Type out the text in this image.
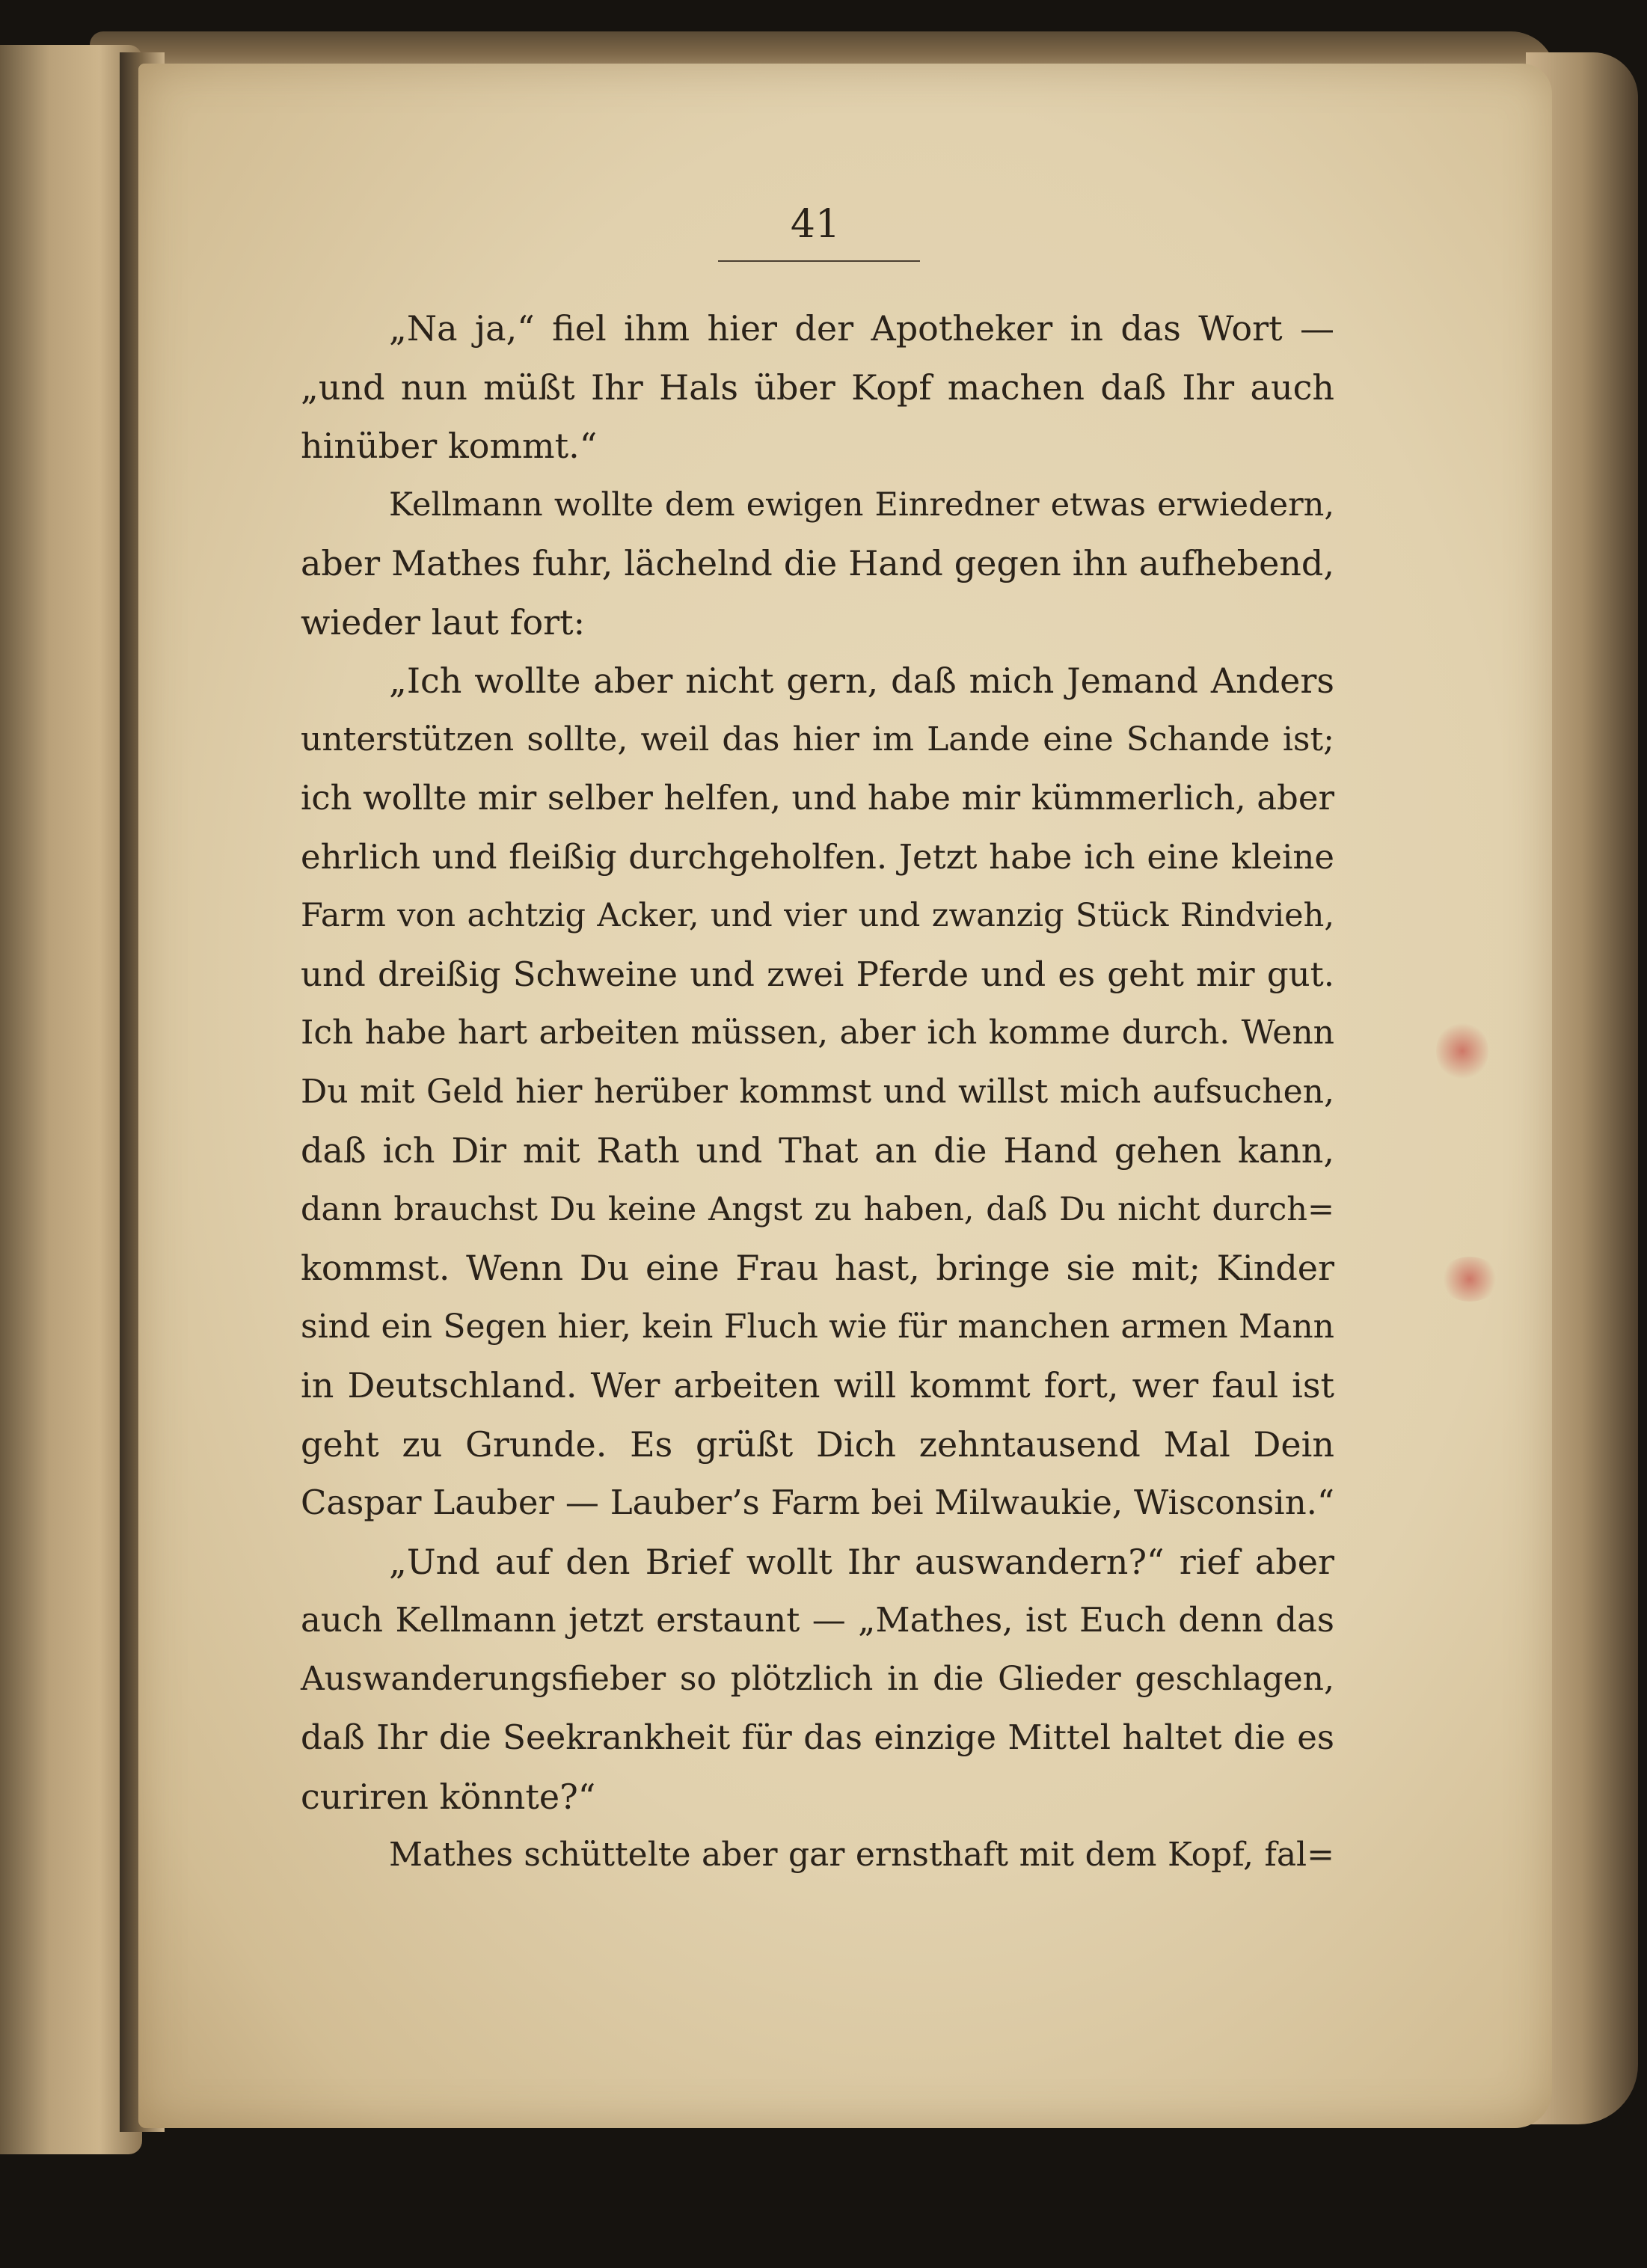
41
„Na ja,“ fiel ihm hier der Apotheker in das Wort —
„und nun müßt Ihr Hals über Kopf machen daß Ihr auch
hinüber kommt.“
Kellmann wollte dem ewigen Einredner etwas erwiedern,
aber Mathes fuhr, lächelnd die Hand gegen ihn aufhebend,
wieder laut fort:
„Ich wollte aber nicht gern, daß mich Jemand Anders
unterstützen sollte, weil das hier im Lande eine Schande ist;
ich wollte mir selber helfen, und habe mir kümmerlich, aber
ehrlich und fleißig durchgeholfen. Jetzt habe ich eine kleine
Farm von achtzig Acker, und vier und zwanzig Stück Rindvieh,
und dreißig Schweine und zwei Pferde und es geht mir gut.
Ich habe hart arbeiten müssen, aber ich komme durch. Wenn
Du mit Geld hier herüber kommst und willst mich aufsuchen,
daß ich Dir mit Rath und That an die Hand gehen kann,
dann brauchst Du keine Angst zu haben, daß Du nicht durch=
kommst. Wenn Du eine Frau hast, bringe sie mit; Kinder
sind ein Segen hier, kein Fluch wie für manchen armen Mann
in Deutschland. Wer arbeiten will kommt fort, wer faul ist
geht zu Grunde. Es grüßt Dich zehntausend Mal Dein
Caspar Lauber — Lauber’s Farm bei Milwaukie, Wisconsin.“
„Und auf den Brief wollt Ihr auswandern?“ rief aber
auch Kellmann jetzt erstaunt — „Mathes, ist Euch denn das
Auswanderungsfieber so plötzlich in die Glieder geschlagen,
daß Ihr die Seekrankheit für das einzige Mittel haltet die es
curiren könnte?“
Mathes schüttelte aber gar ernsthaft mit dem Kopf, fal=
